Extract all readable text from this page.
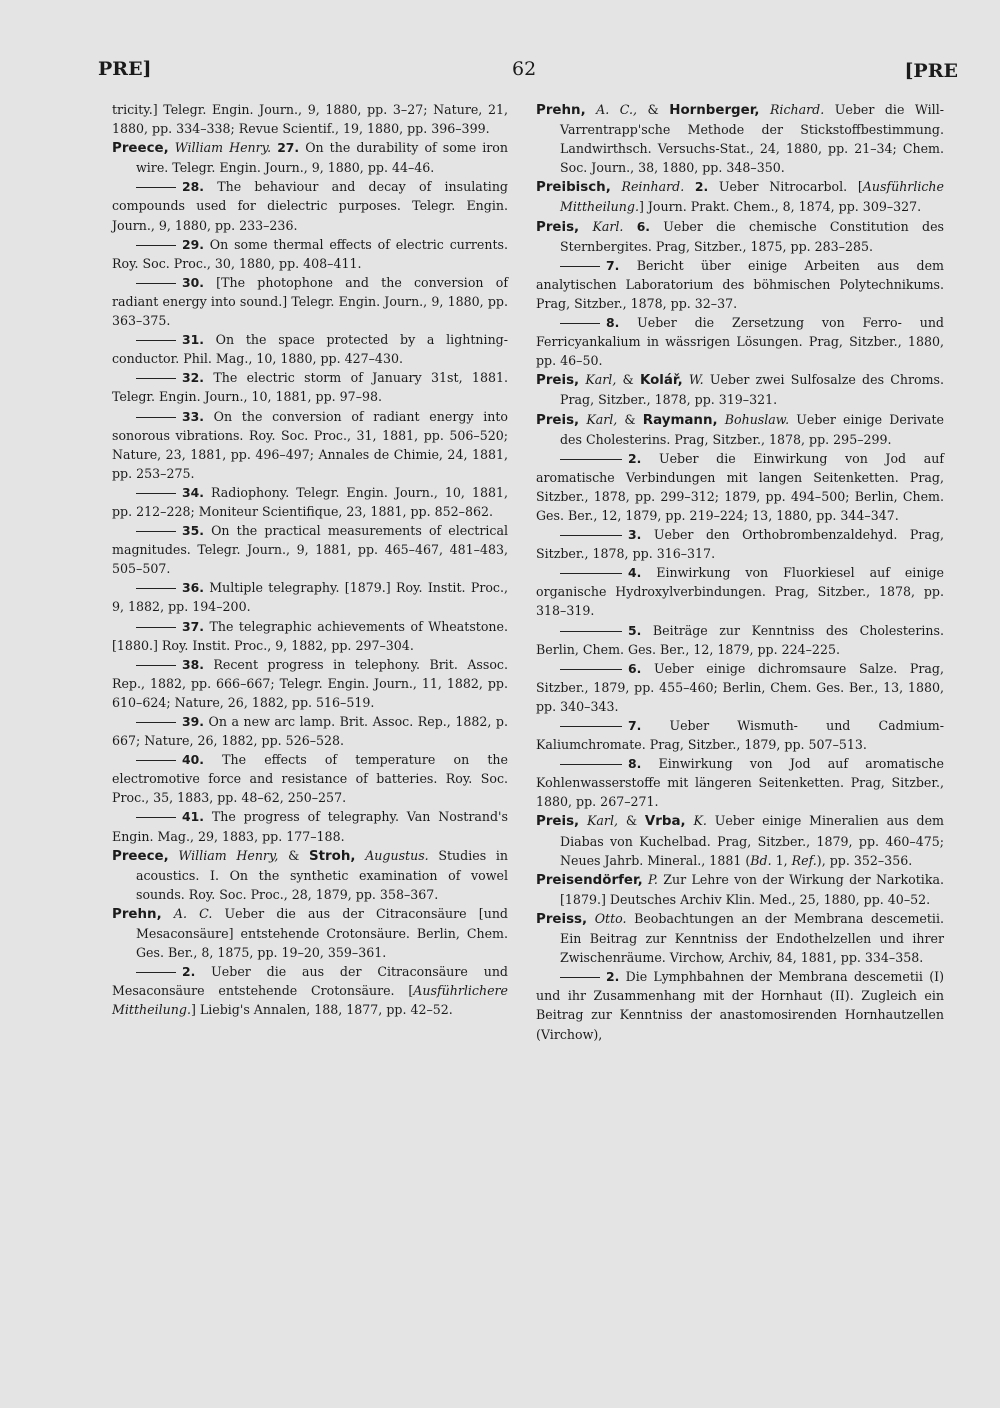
PRE]	62	[PRE

tricity.] Telegr. Engin. Journ., 9, 1880, pp. 3–27; Nature, 21, 1880, pp. 334–338; Revue Scientif., 19, 1880, pp. 396–399.

Preece, William Henry. 27. On the durability of some iron wire. Telegr. Engin. Journ., 9, 1880, pp. 44–46.

28. The behaviour and decay of insulating compounds used for dielectric purposes. Telegr. Engin. Journ., 9, 1880, pp. 233–236.

29. On some thermal effects of electric currents. Roy. Soc. Proc., 30, 1880, pp. 408–411.

30. [The photophone and the conversion of radiant energy into sound.] Telegr. Engin. Journ., 9, 1880, pp. 363–375.

31. On the space protected by a lightning-conductor. Phil. Mag., 10, 1880, pp. 427–430.

32. The electric storm of January 31st, 1881. Telegr. Engin. Journ., 10, 1881, pp. 97–98.

33. On the conversion of radiant energy into sonorous vibrations. Roy. Soc. Proc., 31, 1881, pp. 506–520; Nature, 23, 1881, pp. 496–497; Annales de Chimie, 24, 1881, pp. 253–275.

34. Radiophony. Telegr. Engin. Journ., 10, 1881, pp. 212–228; Moniteur Scientifique, 23, 1881, pp. 852–862.

35. On the practical measurements of electrical magnitudes. Telegr. Journ., 9, 1881, pp. 465–467, 481–483, 505–507.

36. Multiple telegraphy. [1879.] Roy. Instit. Proc., 9, 1882, pp. 194–200.

37. The telegraphic achievements of Wheatstone. [1880.] Roy. Instit. Proc., 9, 1882, pp. 297–304.

38. Recent progress in telephony. Brit. Assoc. Rep., 1882, pp. 666–667; Telegr. Engin. Journ., 11, 1882, pp. 610–624; Nature, 26, 1882, pp. 516–519.

39. On a new arc lamp. Brit. Assoc. Rep., 1882, p. 667; Nature, 26, 1882, pp. 526–528.

40. The effects of temperature on the electromotive force and resistance of batteries. Roy. Soc. Proc., 35, 1883, pp. 48–62, 250–257.

41. The progress of telegraphy. Van Nostrand's Engin. Mag., 29, 1883, pp. 177–188.

Preece, William Henry, & Stroh, Augustus. Studies in acoustics. I. On the synthetic examination of vowel sounds. Roy. Soc. Proc., 28, 1879, pp. 358–367.

Prehn, A. C. Ueber die aus der Citraconsäure [und Mesaconsäure] entstehende Crotonsäure. Berlin, Chem. Ges. Ber., 8, 1875, pp. 19–20, 359–361.

2. Ueber die aus der Citraconsäure und Mesaconsäure entstehende Crotonsäure. [Ausführlichere Mittheilung.] Liebig's Annalen, 188, 1877, pp. 42–52.

Prehn, A. C., & Hornberger, Richard. Ueber die Will-Varrentrapp'sche Methode der Stickstoffbestimmung. Landwirthsch. Versuchs-Stat., 24, 1880, pp. 21–34; Chem. Soc. Journ., 38, 1880, pp. 348–350.

Preibisch, Reinhard. 2. Ueber Nitrocarbol. [Ausführliche Mittheilung.] Journ. Prakt. Chem., 8, 1874, pp. 309–327.

Preis, Karl. 6. Ueber die chemische Constitution des Sternbergites. Prag, Sitzber., 1875, pp. 283–285.

7. Bericht über einige Arbeiten aus dem analytischen Laboratorium des böhmischen Polytechnikums. Prag, Sitzber., 1878, pp. 32–37.

8. Ueber die Zersetzung von Ferro- und Ferricyankalium in wässrigen Lösungen. Prag, Sitzber., 1880, pp. 46–50.

Preis, Karl, & Kolář, W. Ueber zwei Sulfosalze des Chroms. Prag, Sitzber., 1878, pp. 319–321.

Preis, Karl, & Raymann, Bohuslaw. Ueber einige Derivate des Cholesterins. Prag, Sitzber., 1878, pp. 295–299.

2. Ueber die Einwirkung von Jod auf aromatische Verbindungen mit langen Seitenketten. Prag, Sitzber., 1878, pp. 299–312; 1879, pp. 494–500; Berlin, Chem. Ges. Ber., 12, 1879, pp. 219–224; 13, 1880, pp. 344–347.

3. Ueber den Orthobrombenzaldehyd. Prag, Sitzber., 1878, pp. 316–317.

4. Einwirkung von Fluorkiesel auf einige organische Hydroxylverbindungen. Prag, Sitzber., 1878, pp. 318–319.

5. Beiträge zur Kenntniss des Cholesterins. Berlin, Chem. Ges. Ber., 12, 1879, pp. 224–225.

6. Ueber einige dichromsaure Salze. Prag, Sitzber., 1879, pp. 455–460; Berlin, Chem. Ges. Ber., 13, 1880, pp. 340–343.

7. Ueber Wismuth- und Cadmium-Kaliumchromate. Prag, Sitzber., 1879, pp. 507–513.

8. Einwirkung von Jod auf aromatische Kohlenwasserstoffe mit längeren Seitenketten. Prag, Sitzber., 1880, pp. 267–271.

Preis, Karl, & Vrba, K. Ueber einige Mineralien aus dem Diabas von Kuchelbad. Prag, Sitzber., 1879, pp. 460–475; Neues Jahrb. Mineral., 1881 (Bd. 1, Ref.), pp. 352–356.

Preisendörfer, P. Zur Lehre von der Wirkung der Narkotika. [1879.] Deutsches Archiv Klin. Med., 25, 1880, pp. 40–52.

Preiss, Otto. Beobachtungen an der Membrana descemetii. Ein Beitrag zur Kenntniss der Endothelzellen und ihrer Zwischenräume. Virchow, Archiv, 84, 1881, pp. 334–358.

2. Die Lymphbahnen der Membrana descemetii (I) und ihr Zusammenhang mit der Hornhaut (II). Zugleich ein Beitrag zur Kenntniss der anastomosirenden Hornhautzellen (Virchow),
